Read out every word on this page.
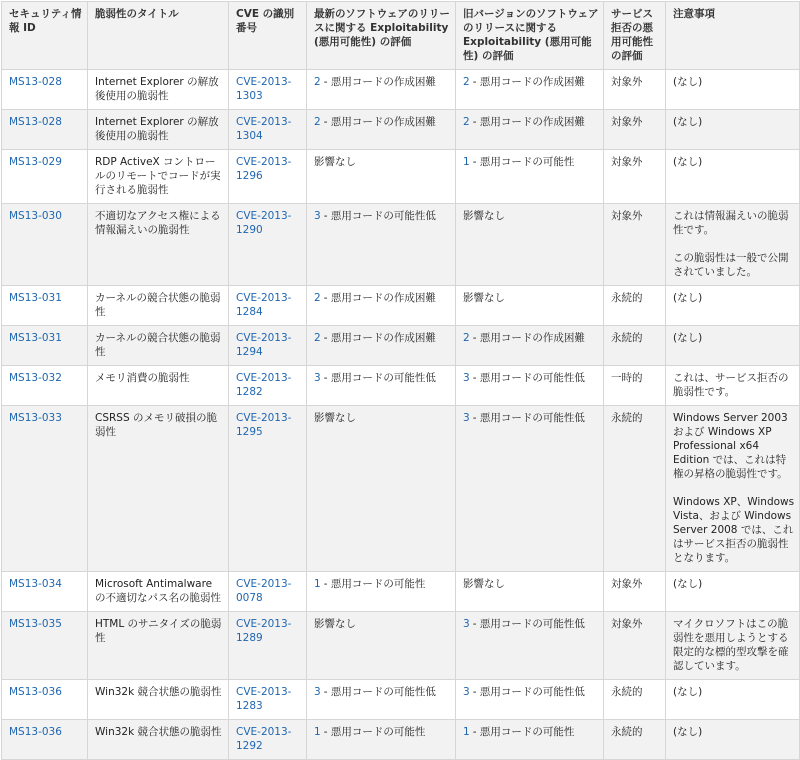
セキュリティ情報 ID	脆弱性のタイトル	CVE の識別番号	最新のソフトウェアのリリースに関する Exploitability (悪用可能性) の評価	旧バージョンのソフトウェアのリリースに関する Exploitability (悪用可能性) の評価	サービス拒否の悪用可能性の評価	注意事項
MS13-028	Internet Explorer の解放後使用の脆弱性	CVE-2013-1303	2 - 悪用コードの作成困難	2 - 悪用コードの作成困難	対象外	(なし)

MS13-028	Internet Explorer の解放後使用の脆弱性	CVE-2013-1304	2 - 悪用コードの作成困難	2 - 悪用コードの作成困難	対象外	(なし)

MS13-029	RDP ActiveX コントロールのリモートでコードが実行される脆弱性	CVE-2013-1296	影響なし	1 - 悪用コードの可能性	対象外	(なし)

MS13-030	不適切なアクセス権による情報漏えいの脆弱性	CVE-2013-1290	3 - 悪用コードの可能性低	影響なし	対象外	これは情報漏えいの脆弱性です。

この脆弱性は一般で公開されていました。

MS13-031	カーネルの競合状態の脆弱性	CVE-2013-1284	2 - 悪用コードの作成困難	影響なし	永続的	(なし)

MS13-031	カーネルの競合状態の脆弱性	CVE-2013-1294	2 - 悪用コードの作成困難	2 - 悪用コードの作成困難	永続的	(なし)

MS13-032	メモリ消費の脆弱性	CVE-2013-1282	3 - 悪用コードの可能性低	3 - 悪用コードの可能性低	一時的	これは、サービス拒否の脆弱性です。

MS13-033	CSRSS のメモリ破損の脆弱性	CVE-2013-1295	影響なし	3 - 悪用コードの可能性低	永続的	Windows Server 2003 および Windows XP Professional x64 Edition では、これは特権の昇格の脆弱性です。

Windows XP、Windows Vista、および Windows Server 2008 では、これはサービス拒否の脆弱性となります。

MS13-034	Microsoft Antimalware の不適切なパス名の脆弱性	CVE-2013-0078	1 - 悪用コードの可能性	影響なし	対象外	(なし)

MS13-035	HTML のサニタイズの脆弱性	CVE-2013-1289	影響なし	3 - 悪用コードの可能性低	対象外	マイクロソフトはこの脆弱性を悪用しようとする限定的な標的型攻撃を確認しています。

MS13-036	Win32k 競合状態の脆弱性	CVE-2013-1283	3 - 悪用コードの可能性低	3 - 悪用コードの可能性低	永続的	(なし)

MS13-036	Win32k 競合状態の脆弱性	CVE-2013-1292	1 - 悪用コードの可能性	1 - 悪用コードの可能性	永続的	(なし)
